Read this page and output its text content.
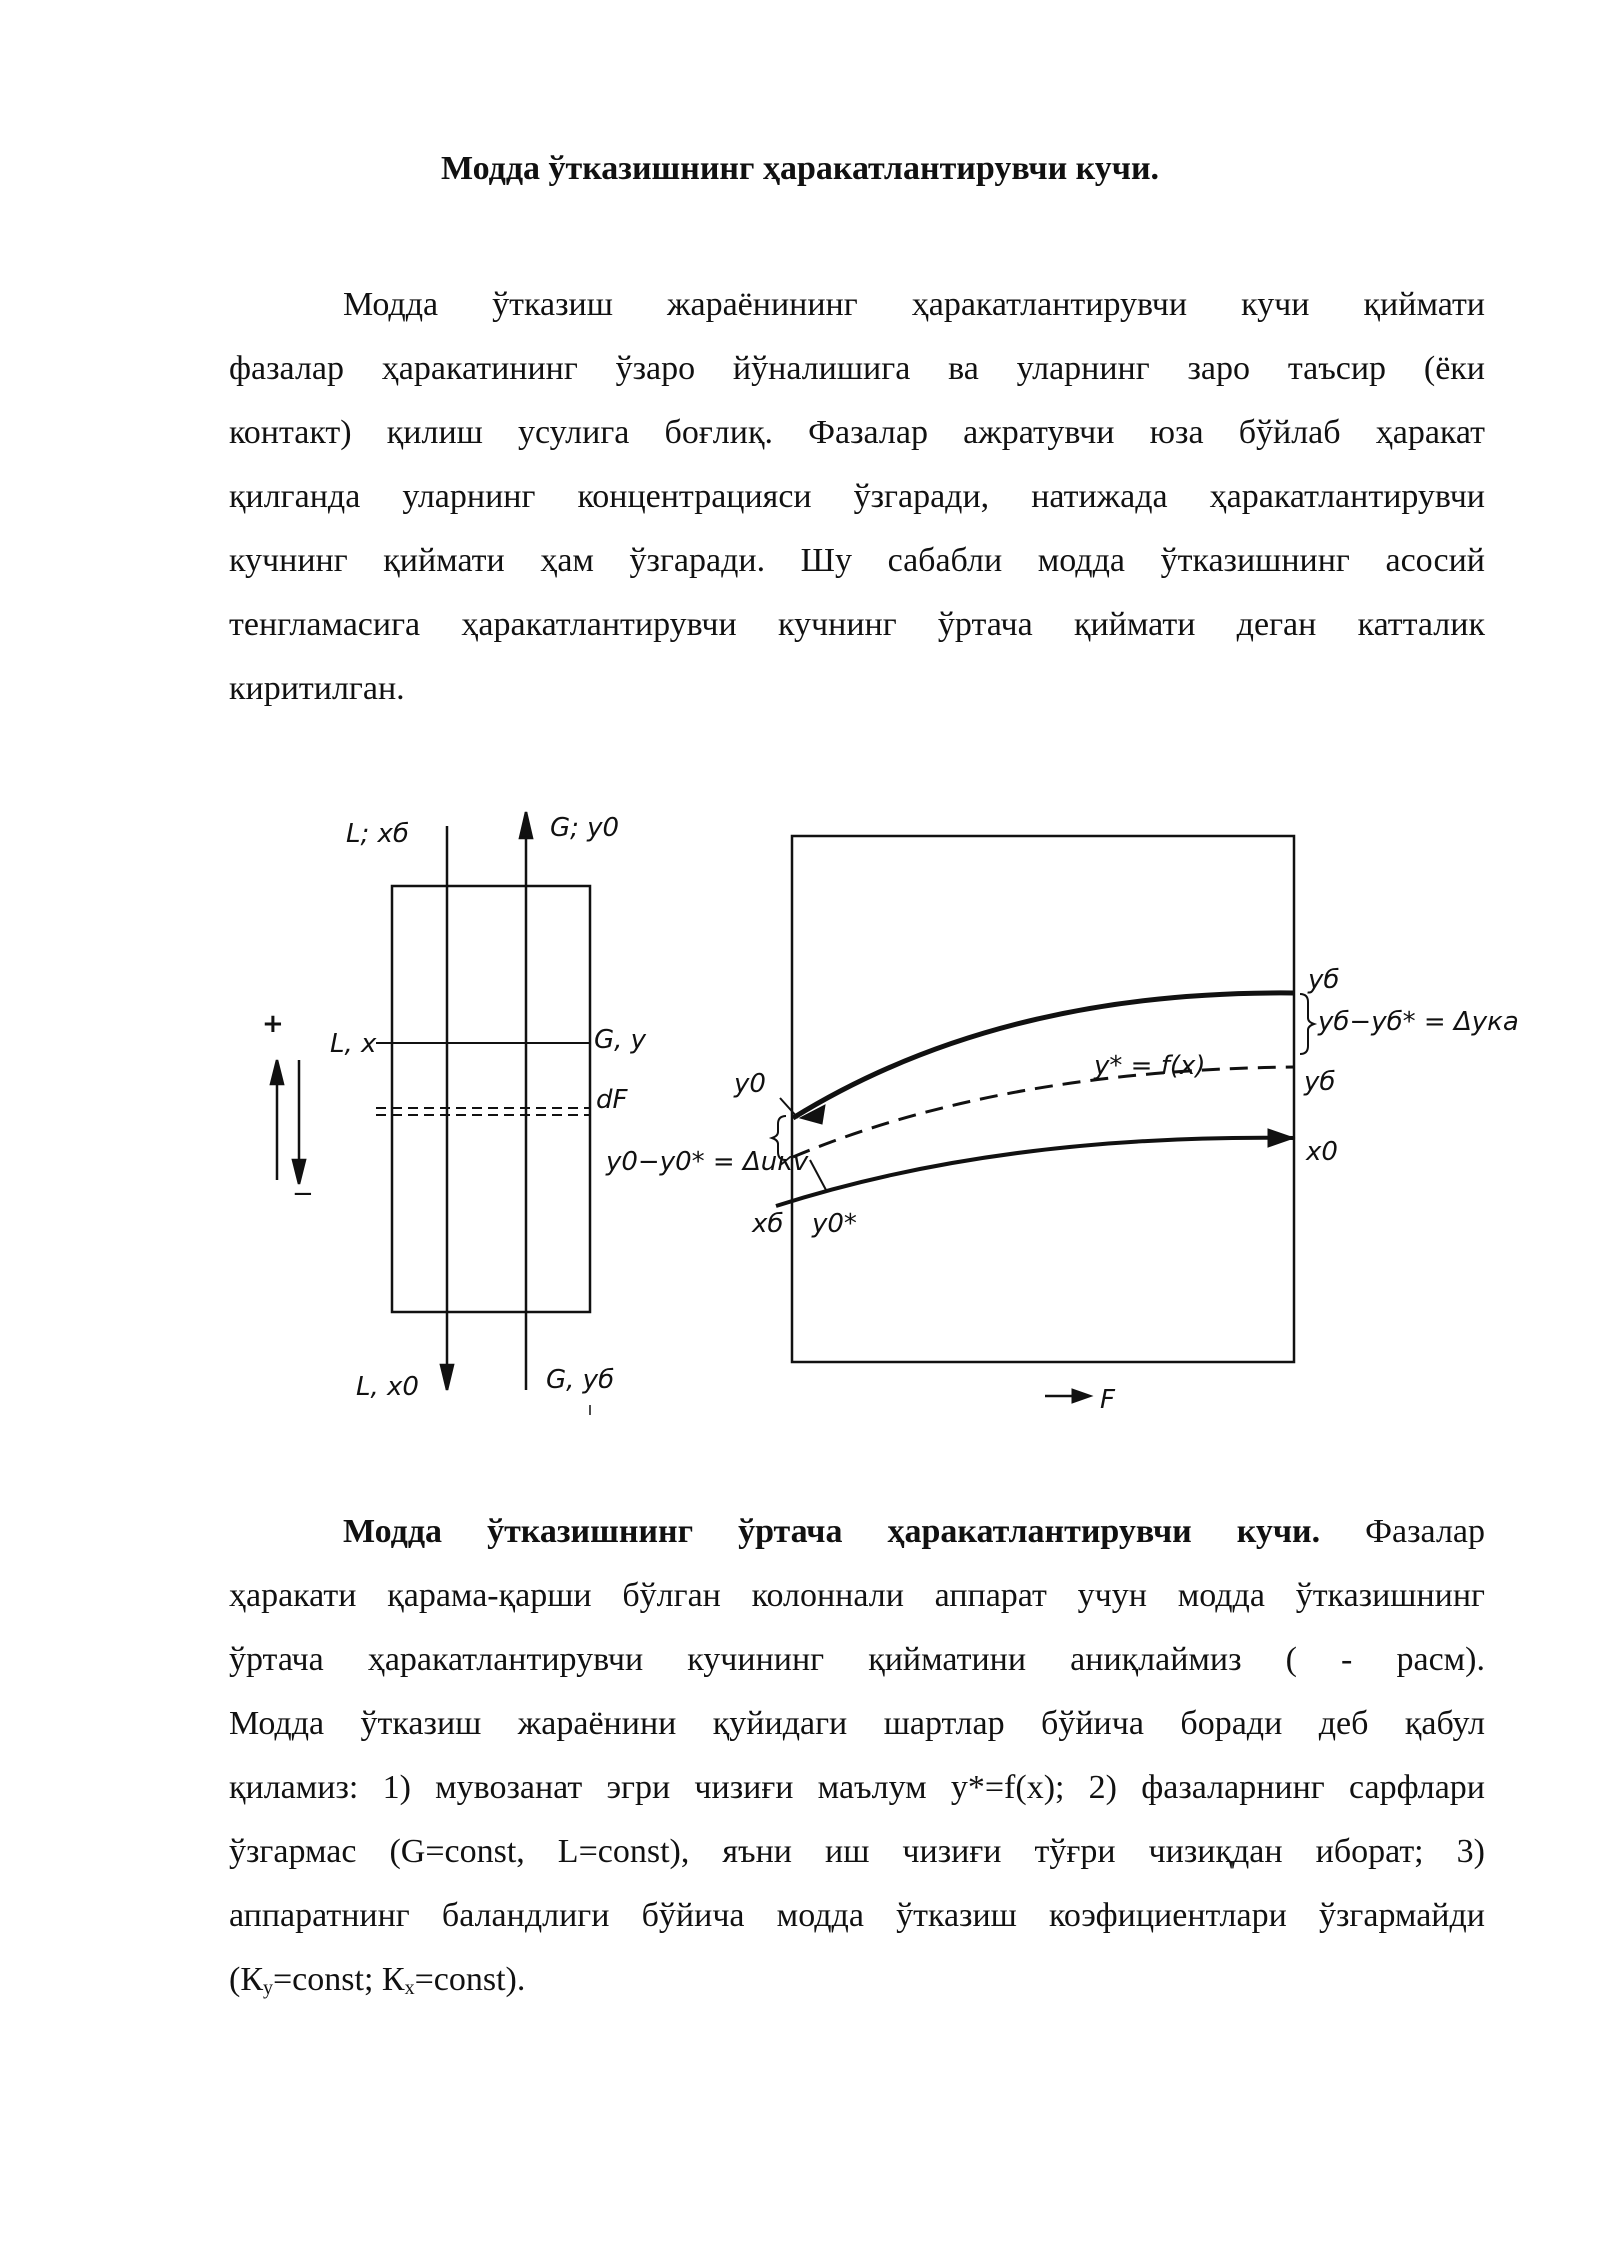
Модда ўтказишнинг ҳаракатлантирувчи кучи.
Модда ўтказиш жараёнининг ҳаракатлантирувчи кучи қиймати
фазалар ҳаракатининг ўзаро йўналишига ва уларнинг заро таъсир (ёки
контакт) қилиш усулига боғлиқ. Фазалар ажратувчи юза бўйлаб ҳаракат
қилганда уларнинг концентрацияси ўзгаради, натижада ҳаракатлантирувчи
кучнинг қиймати ҳам ўзгаради. Шу сабабли модда ўтказишнинг асосий
тенгламасига ҳаракатлантирувчи кучнинг ўртача қиймати деган катталик
киритилган.
L; xб	G; y0
L, x	G, y
dF
L, x0	G, yб
+
−
yб
yб−yб* = Δyка
y* = f(x)
yб
x0
y0
y0−y0* = Δuкv
xб y0*
F
Модда ўтказишнинг ўртача ҳаракатлантирувчи кучи. Фазалар
ҳаракати қарама-қарши бўлган колоннали аппарат учун модда ўтказишнинг
ўртача ҳаракатлантирувчи кучининг қийматини аниқлаймиз ( - расм).
Модда ўтказиш жараёнини қуйидаги шартлар бўйича боради деб қабул
қиламиз: 1) мувозанат эгри чизиғи маълум y*=f(x); 2) фазаларнинг сарфлари
ўзгармас (G=const, L=const), яъни иш чизиғи тўғри чизиқдан иборат; 3)
аппаратнинг баландлиги бўйича модда ўтказиш коэфициентлари ўзгармайди
($К_y=const$; $К_x=const$).
